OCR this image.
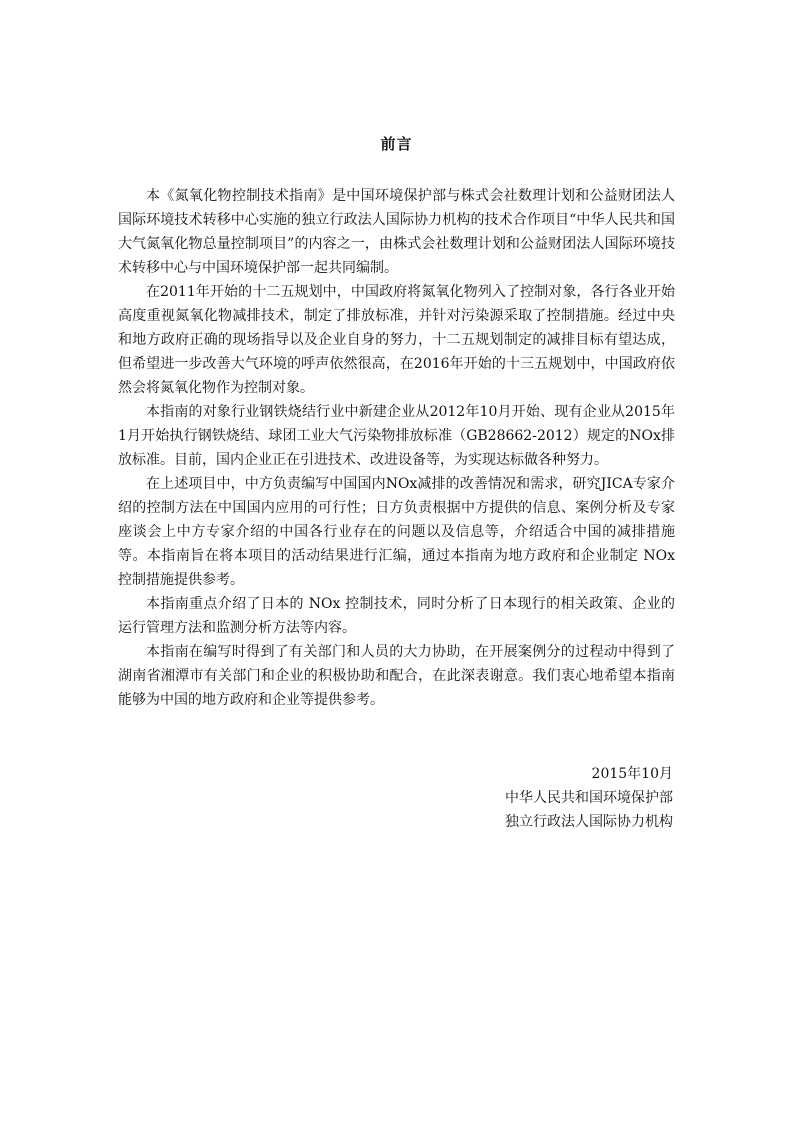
前言

本《氮氧化物控制技术指南》是中国环境保护部与株式会社数理计划和公益财团法人国际环境技术转移中心实施的独立行政法人国际协力机构的技术合作项目“中华人民共和国大气氮氧化物总量控制项目”的内容之一，由株式会社数理计划和公益财团法人国际环境技术转移中心与中国环境保护部一起共同编制。

在2011年开始的十二五规划中，中国政府将氮氧化物列入了控制对象，各行各业开始高度重视氮氧化物减排技术，制定了排放标准，并针对污染源采取了控制措施。经过中央和地方政府正确的现场指导以及企业自身的努力，十二五规划制定的减排目标有望达成，但希望进一步改善大气环境的呼声依然很高，在2016年开始的十三五规划中，中国政府依然会将氮氧化物作为控制对象。

本指南的对象行业钢铁烧结行业中新建企业从2012年10月开始、现有企业从2015年1月开始执行钢铁烧结、球团工业大气污染物排放标准（GB28662-2012）规定的NOx排放标准。目前，国内企业正在引进技术、改进设备等，为实现达标做各种努力。

在上述项目中，中方负责编写中国国内NOx减排的改善情况和需求，研究JICA专家介绍的控制方法在中国国内应用的可行性；日方负责根据中方提供的信息、案例分析及专家座谈会上中方专家介绍的中国各行业存在的问题以及信息等，介绍适合中国的减排措施等。本指南旨在将本项目的活动结果进行汇编，通过本指南为地方政府和企业制定 NOx 控制措施提供参考。

本指南重点介绍了日本的 NOx 控制技术，同时分析了日本现行的相关政策、企业的运行管理方法和监测分析方法等内容。

本指南在编写时得到了有关部门和人员的大力协助，在开展案例分的过程动中得到了湖南省湘潭市有关部门和企业的积极协助和配合，在此深表谢意。我们衷心地希望本指南能够为中国的地方政府和企业等提供参考。

2015年10月
中华人民共和国环境保护部
独立行政法人国际协力机构
